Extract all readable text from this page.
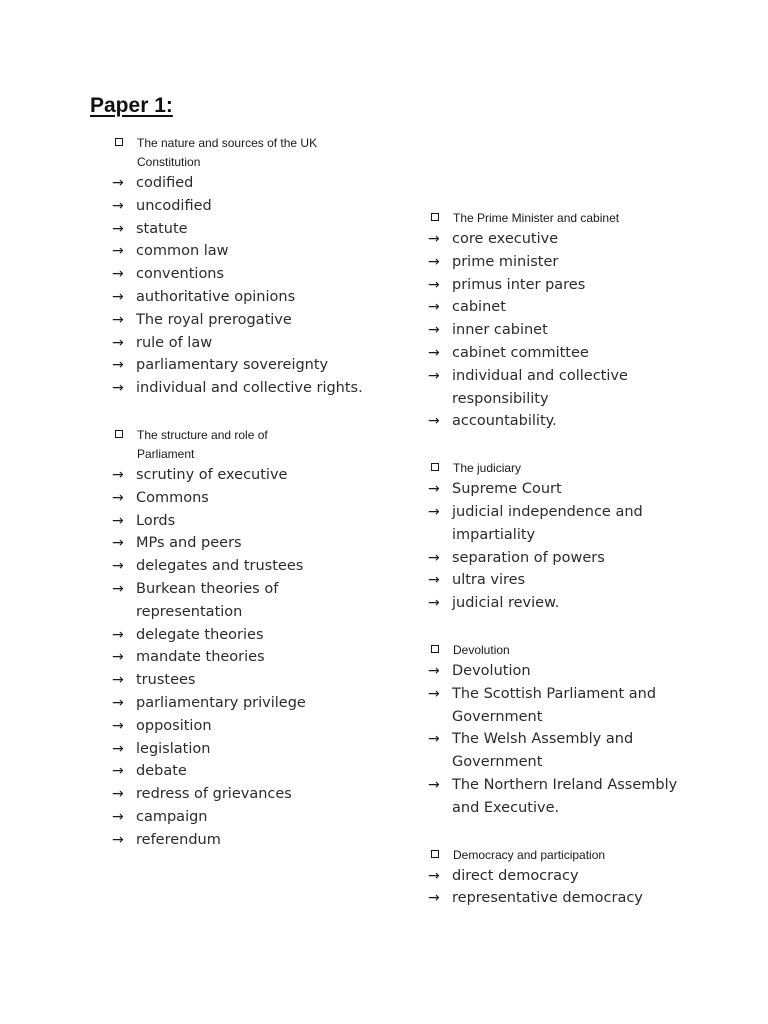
Paper 1:
The nature and sources of the UK Constitution
→ codified
→ uncodified
→ statute
→ common law
→ conventions
→ authoritative opinions
→ The royal prerogative
→ rule of law
→ parliamentary sovereignty
→ individual and collective rights.
The structure and role of Parliament
→ scrutiny of executive
→ Commons
→ Lords
→ MPs and peers
→ delegates and trustees
→ Burkean theories of representation
→ delegate theories
→ mandate theories
→ trustees
→ parliamentary privilege
→ opposition
→ legislation
→ debate
→ redress of grievances
→ campaign
→ referendum
The Prime Minister and cabinet
→ core executive
→ prime minister
→ primus inter pares
→ cabinet
→ inner cabinet
→ cabinet committee
→ individual and collective responsibility
→ accountability.
The judiciary
→ Supreme Court
→ judicial independence and impartiality
→ separation of powers
→ ultra vires
→ judicial review.
Devolution
→ Devolution
→ The Scottish Parliament and Government
→ The Welsh Assembly and Government
→ The Northern Ireland Assembly and Executive.
Democracy and participation
→ direct democracy
→ representative democracy
